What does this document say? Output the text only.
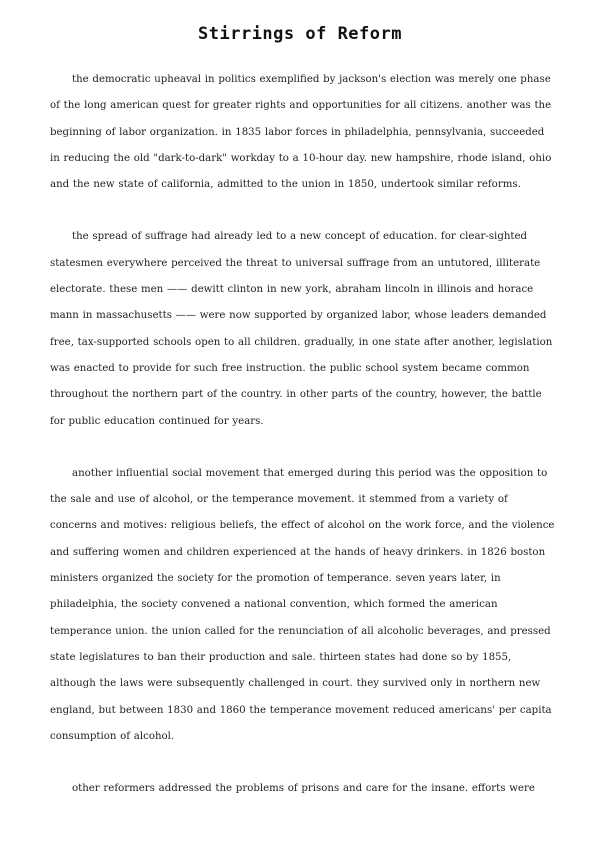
Stirrings of Reform

the democratic upheaval in politics exemplified by jackson's election was merely one phase of the long american quest for greater rights and opportunities for all citizens. another was the beginning of labor organization. in 1835 labor forces in philadelphia, pennsylvania, succeeded in reducing the old "dark-to-dark" workday to a 10-hour day. new hampshire, rhode island, ohio and the new state of california, admitted to the union in 1850, undertook similar reforms.

the spread of suffrage had already led to a new concept of education. for clear-sighted statesmen everywhere perceived the threat to universal suffrage from an untutored, illiterate electorate. these men —— dewitt clinton in new york, abraham lincoln in illinois and horace mann in massachusetts —— were now supported by organized labor, whose leaders demanded free, tax-supported schools open to all children. gradually, in one state after another, legislation was enacted to provide for such free instruction. the public school system became common throughout the northern part of the country. in other parts of the country, however, the battle for public education continued for years.

another influential social movement that emerged during this period was the opposition to the sale and use of alcohol, or the temperance movement. it stemmed from a variety of concerns and motives: religious beliefs, the effect of alcohol on the work force, and the violence and suffering women and children experienced at the hands of heavy drinkers. in 1826 boston ministers organized the society for the promotion of temperance. seven years later, in philadelphia, the society convened a national convention, which formed the american temperance union. the union called for the renunciation of all alcoholic beverages, and pressed state legislatures to ban their production and sale. thirteen states had done so by 1855, although the laws were subsequently challenged in court. they survived only in northern new england, but between 1830 and 1860 the temperance movement reduced americans' per capita consumption of alcohol.

other reformers addressed the problems of prisons and care for the insane. efforts were
